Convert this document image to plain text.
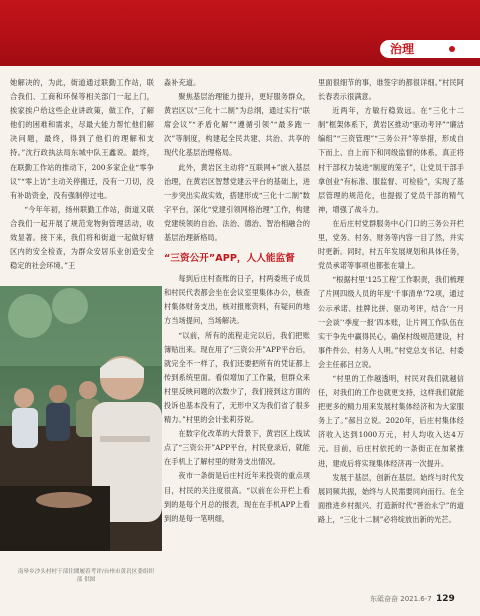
治理

她解决的，为此，街道通过联勤工作站，联合我们、工商和环保等相关部门一起上门，挨家挨户给这些企业讲政策，做工作，了解他们的困难和需求，尽最大能力帮忙他们解决问题，最终，得到了他们的理解和支持。”沈行政执法局东城中队王鑫说。最终，在联勤工作站的推动下，200多家企业“零争议”“零上访”主动关停搬迁，没有一刀切，没有补助资金，没有强制停过电。

“今年年初，扬州联勤工作站，街道又联合我们一起开展了规范宠物狗管理活动，收效显著。接下来，我们将和街道一起做好辖区内的安全检查，为群众安居乐业创造安全稳定的社会环境。”王

淼补充道。

聚焦基层治理能力提升，更好服务群众，黄岩区以“三化十二制”为总纲，通过实行“联席会议”“矛盾化解”“遵循引领”“最多跑一次”等制度，构建起全民共建、共治、共享的现代化基层治理格局。

此外，黄岩区主动将“互联网+”嵌入基层治理，在黄岩区智慧党建云平台的基础上，进一步突出实战实效，搭建形成“三化十二制”数字平台，深化“党建引领网格治理”工作，构建党建统领的自治、法治、德治、智治相融合的基层治理新格局。

“三资公开”APP，人人能监督

每到后庄村查账的日子，村两委班子成员和村民代表都会坐在会议室里集体办公，核查村集体财务支出，核对报账资料，有疑问的地方当场提问，当场解决。

“以前，所有的流程走完以后，我们把账簿贴出来。现在用了“三资公开”APP平台后，就完全不一样了，我们还要把所有的凭证都上传到系统里面。看似增加了工作量，但群众来村里反映问题的次数少了，我们接到这方面的投诉也基本没有了，无形中又为我们省了很多精力。”村里的会计张莉芬说。

在数字化改革的大背景下，黄岩区上线试点了“三资公开”APP平台，村民登录后，就能在手机上了解村里的财务支出情况。

夜市一条街是后庄村近年来投资的重点项目，村民的关注度很高。“以前在公开栏上看到的是每个月总的报表，现在在手机APP上看到的是每一笔明细，

里面很细节的事，谁签字的都很详细。”村民阿长春表示很满意。

近两年，方敏行稳致远。在“三化十二制”框架体系下，黄岩区推动“驱动考评”“廉洁编组”“三资管理”“三务公开”等举措，形成自下而上、自上而下和同级监督的体系，真正将村干部权力装进“制度的笼子”，让党员干部手拿创业“有标准、服监督、可检验”，实现了基层管理的规范化，也提振了党员干部的精气神，增强了战斗力。

在后庄村党群服务中心门口的三务公开栏里，党务、村务、财务等内容一目了然，并实时更新。同时，村五年发展规划和具体任务，党员承诺等事项也都张在墙上。

“根据村里‘125工程’工作职责，我们梳理了片网四级人员的年度‘千事清单’72项，通过公示承诺、挂牌比拼、驱动考评，结合‘一月一会谈’‘季度一报’四本账，让片网工作队伍在实干争先中赢得民心，确保村级规范建设，村事件件公、村务人人明。”村党总支书记、村委会主任郝吕立说。

“村里的工作越透明，村民对我们就越信任，对我们的工作也就更支持，这样我们就能把更多的精力用来发展村集体经济和为大家服务上了。”郝吕立说。2020年，后庄村集体经济收入达到1000万元，村人均收入达4万元。目前，后庄村依托的一条街正在加紧推进，建成后将实现集体经济再一次提升。

发展于基层，创新在基层。始终与时代发展同频共振，始终与人民需要同向而行。在全面推进乡村振兴、打造新时代“善治永宁”的道路上，“三化十二制”必将绽放出新的光芒。

南皋乡沙头村村干部往閲履着考评/台州市黄岩区委组织部 供图
东砥奋奋 2021.6-7 129
